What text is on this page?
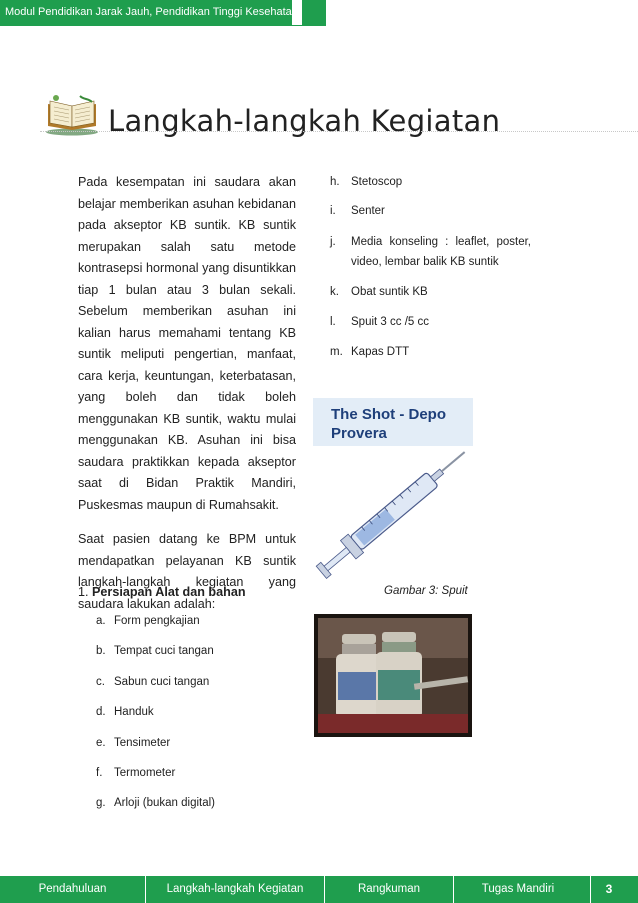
Modul Pendidikan Jarak Jauh, Pendidikan Tinggi Kesehatan
Langkah-langkah Kegiatan

Pada kesempatan ini saudara akan belajar memberikan asuhan kebidanan pada akseptor KB suntik. KB suntik merupakan salah satu metode kontrasepsi hormonal yang disuntikkan tiap 1 bulan atau 3 bulan sekali. Sebelum memberikan asuhan ini kalian harus memahami tentang KB suntik meliputi pengertian, manfaat, cara kerja, keuntungan, keterbatasan, yang boleh dan tidak boleh menggunakan KB suntik, waktu mulai menggunakan KB. Asuhan ini bisa saudara praktikkan kepada akseptor saat di Bidan Praktik Mandiri, Puskesmas maupun di Rumahsakit.

Saat pasien datang ke BPM untuk mendapatkan pelayanan KB suntik langkah-langkah kegiatan yang saudara lakukan adalah:

1. Persiapan Alat dan bahan
a. Form pengkajian
b. Tempat cuci tangan
c. Sabun cuci tangan
d. Handuk
e. Tensimeter
f. Termometer
g. Arloji (bukan digital)
h. Stetoscop
i. Senter
j. Media konseling : leaflet, poster, video, lembar balik KB suntik
k. Obat suntik KB
l. Spuit 3 cc /5 cc
m. Kapas DTT
The Shot - Depo
Provera
Gambar 3: Spuit
Pendahuluan	Langkah-langkah Kegiatan	Rangkuman	Tugas Mandiri	3
